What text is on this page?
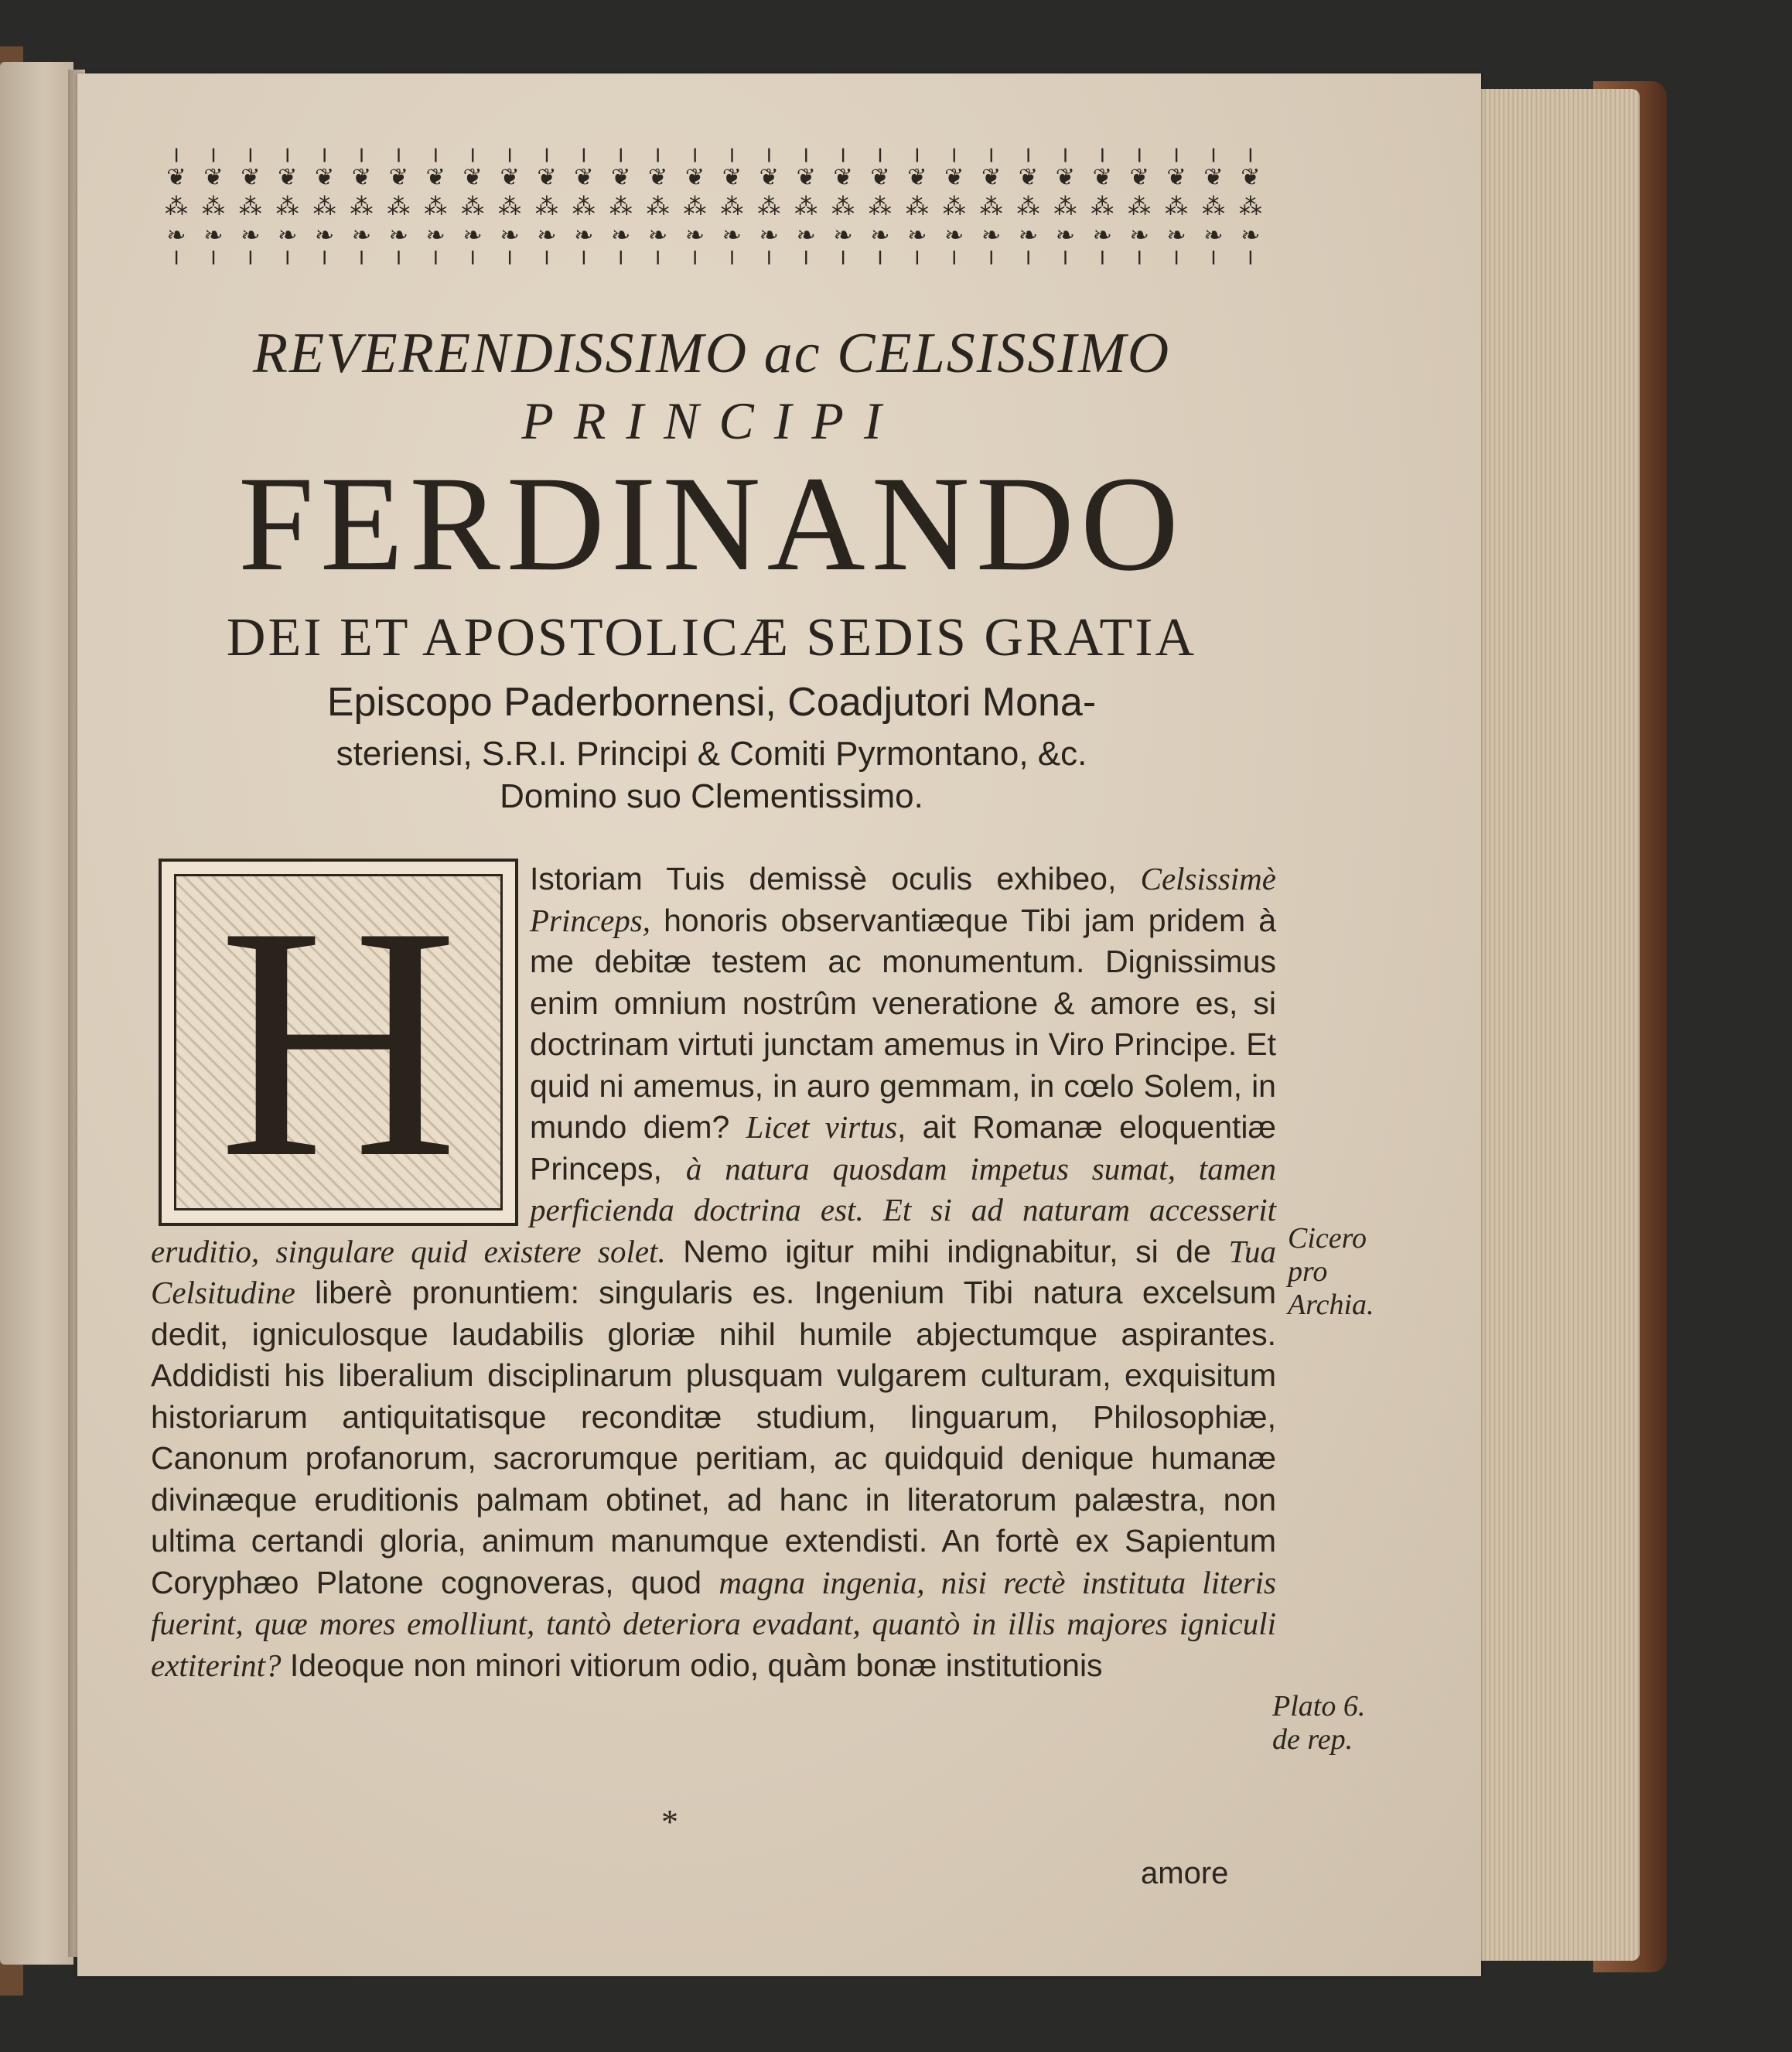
╷
❦
⁂
❧
╵
╷
❦
⁂
❧
╵
╷
❦
⁂
❧
╵
╷
❦
⁂
❧
╵
╷
❦
⁂
❧
╵
╷
❦
⁂
❧
╵
╷
❦
⁂
❧
╵
╷
❦
⁂
❧
╵
╷
❦
⁂
❧
╵
╷
❦
⁂
❧
╵
╷
❦
⁂
❧
╵
╷
❦
⁂
❧
╵
╷
❦
⁂
❧
╵
╷
❦
⁂
❧
╵
╷
❦
⁂
❧
╵
╷
❦
⁂
❧
╵
╷
❦
⁂
❧
╵
╷
❦
⁂
❧
╵
╷
❦
⁂
❧
╵
╷
❦
⁂
❧
╵
╷
❦
⁂
❧
╵
╷
❦
⁂
❧
╵
╷
❦
⁂
❧
╵
╷
❦
⁂
❧
╵
╷
❦
⁂
❧
╵
╷
❦
⁂
❧
╵
╷
❦
⁂
❧
╵
╷
❦
⁂
❧
╵
╷
❦
⁂
❧
╵
╷
❦
⁂
❧
╵
REVERENDISSIMO ac CELSISSIMO
PRINCIPI
FERDINANDO
DEI ET APOSTOLICÆ SEDIS GRATIA
Episcopo Paderbornensi, Coadjutori Mona-
steriensi, S.R.I. Principi & Comiti Pyrmontano, &c.
Domino suo Clementissimo.
Istoriam Tuis demissè oculis exhibeo, Celsissimè Princeps, honoris observantiæque Tibi jam pridem à me debitæ testem ac monumentum. Dignissimus enim omnium nostrûm veneratione & amore es, si doctrinam virtuti junctam amemus in Viro Principe. Et quid ni amemus, in auro gemmam, in cœlo Solem, in mundo diem? Licet virtus, ait Romanæ eloquentiæ Princeps, à natura quosdam impetus sumat, tamen perficienda doctrina est. Et si ad naturam accesserit eruditio, singulare quid existere solet. Nemo igitur mihi indignabitur, si de Tua Celsitudine liberè pronuntiem: singularis es. Ingenium Tibi natura excelsum dedit, igniculosque laudabilis gloriæ nihil humile abjectumque aspirantes. Addidisti his liberalium disciplinarum plusquam vulgarem culturam, exquisitum historiarum antiquitatisque reconditæ studium, linguarum, Philosophiæ, Canonum profanorum, sacrorumque peritiam, ac quidquid denique humanæ divinæque eruditionis palmam obtinet, ad hanc in literatorum palæstra, non ultima certandi gloria, animum manumque extendisti. An fortè ex Sapientum Coryphæo Platone cognoveras, quod magna ingenia, nisi rectè instituta literis fuerint, quæ mores emolliunt, tantò deteriora evadant, quantò in illis majores igniculi extiterint? Ideoque non minori vitiorum odio, quàm bonæ institutionis
H
*
amore
Cicero pro Archia.
Plato 6. de rep.
